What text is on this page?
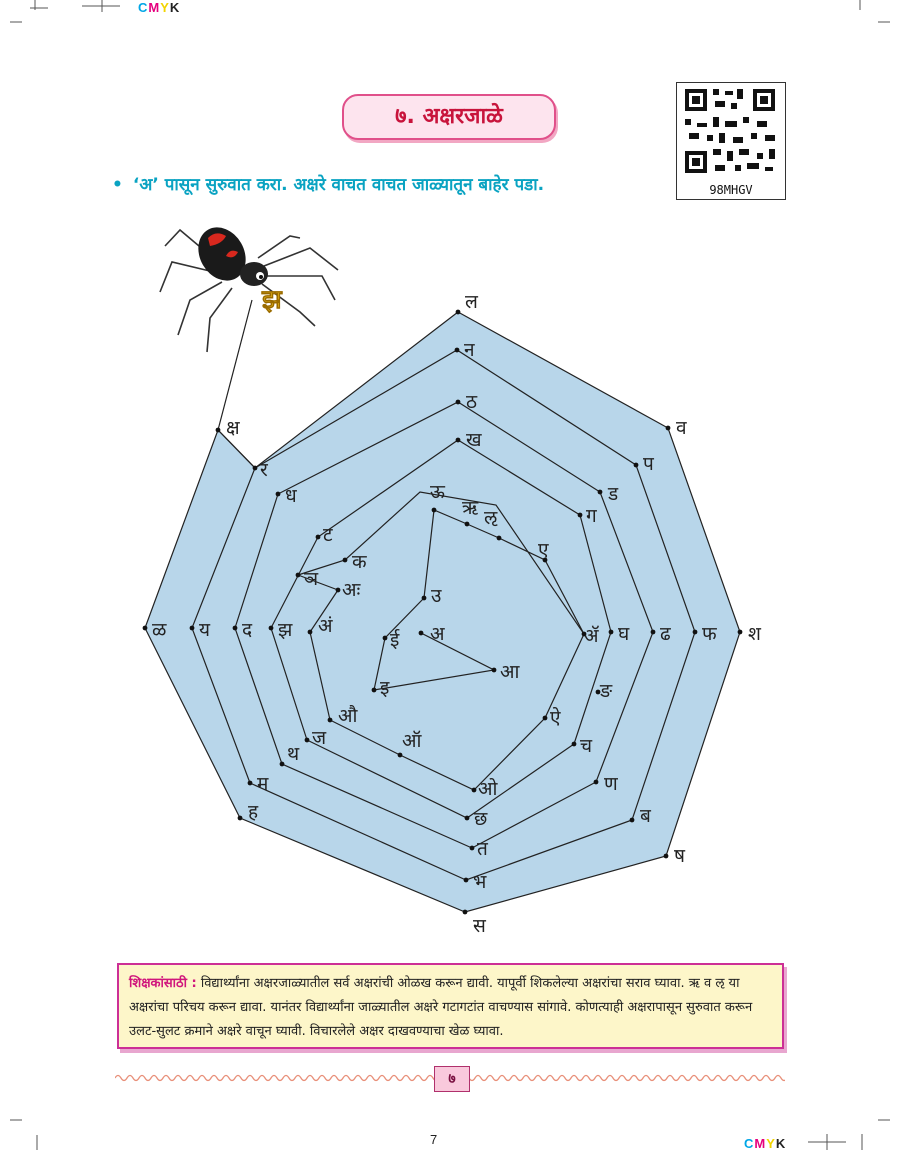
CMYK
CMYK
७. अक्षरजाळे
• ‘अ’ पासून सुरुवात करा. अक्षरे वाचत वाचत जाळ्यातून बाहेर पडा.	98MHGV
ल
व
श
ष
स
ह
ळ
क्ष
न
प
फ
ब
भ
म
य
र
ठ
ड
ढ
ण
त
थ
द
ध
ख
ग
घ
च
छ
ज
झ
ट
ञ
क
अः
अं
औ
ऑ
ओ
ऐ
ङ
ॲ
ए
ऊ
ऋ ऌ
उ
ई
इ
अ
आ
झ
शिक्षकांसाठी : विद्यार्थ्यांना अक्षरजाळ्यातील सर्व अक्षरांची ओळख करून द्यावी. यापूर्वी शिकलेल्या अक्षरांचा सराव घ्यावा. ऋ व ऌ या अक्षरांचा परिचय करून द्यावा. यानंतर विद्यार्थ्यांना जाळ्यातील अक्षरे गटागटांत वाचण्यास सांगावे. कोणत्याही अक्षरापासून सुरुवात करून उलट-सुलट क्रमाने अक्षरे वाचून घ्यावी. विचारलेले अक्षर दाखवण्याचा खेळ घ्यावा.
७
7
